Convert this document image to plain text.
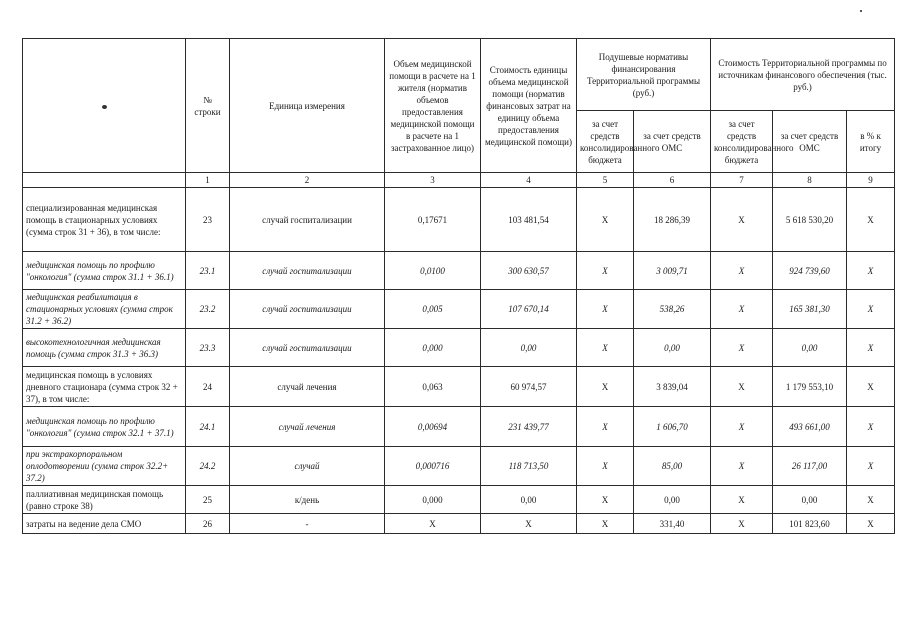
	№ строки	Единица измерения	Объем медицинской помощи в расчете на 1 жителя (норматив объемов предоставления медицинской помощи в расчете на 1 застрахованное лицо)	Стоимость единицы объема медицинской помощи (норматив финансовых затрат на единицу объема предоставления медицинской помощи)	Подушевые нормативы финансирования Территориальной программы (руб.)		Стоимость Территориальной программы по источникам финансового обеспечения (тыс. руб.)		
					за счет средств консолидированного бюджета	за счет средств ОМС	за счет средств консолидированного бюджета	за счет средств ОМС	в % к итогу
	1	2	3	4	5	6	7	8	9
специализированная медицинская помощь в стационарных условиях (сумма строк 31 + 36), в том числе:	23	случай госпитализации	0,17671	103 481,54	X	18 286,39	X	5 618 530,20	X
медицинская помощь по профилю "онкология" (сумма строк 31.1 + 36.1)	23.1	случай госпитализации	0,0100	300 630,57	X	3 009,71	X	924 739,60	X
медицинская реабилитация в стационарных условиях (сумма строк 31.2 + 36.2)	23.2	случай госпитализации	0,005	107 670,14	X	538,26	X	165 381,30	X
высокотехнологичная медицинская помощь (сумма строк 31.3 + 36.3)	23.3	случай госпитализации	0,000	0,00	X	0,00	X	0,00	X
медицинская помощь в условиях дневного стационара (сумма строк 32 + 37), в том числе:	24	случай лечения	0,063	60 974,57	X	3 839,04	X	1 179 553,10	X
медицинская помощь по профилю "онкология" (сумма строк 32.1 + 37.1)	24.1	случай лечения	0,00694	231 439,77	X	1 606,70	X	493 661,00	X
при экстракорпоральном оплодотворении (сумма строк 32.2+ 37.2)	24.2	случай	0,000716	118 713,50	X	85,00	X	26 117,00	X
паллиативная медицинская помощь (равно строке 38)	25	к/день	0,000	0,00	X	0,00	X	0,00	X
затраты на ведение дела СМО	26	-	X	X	X	331,40	X	101 823,60	X
